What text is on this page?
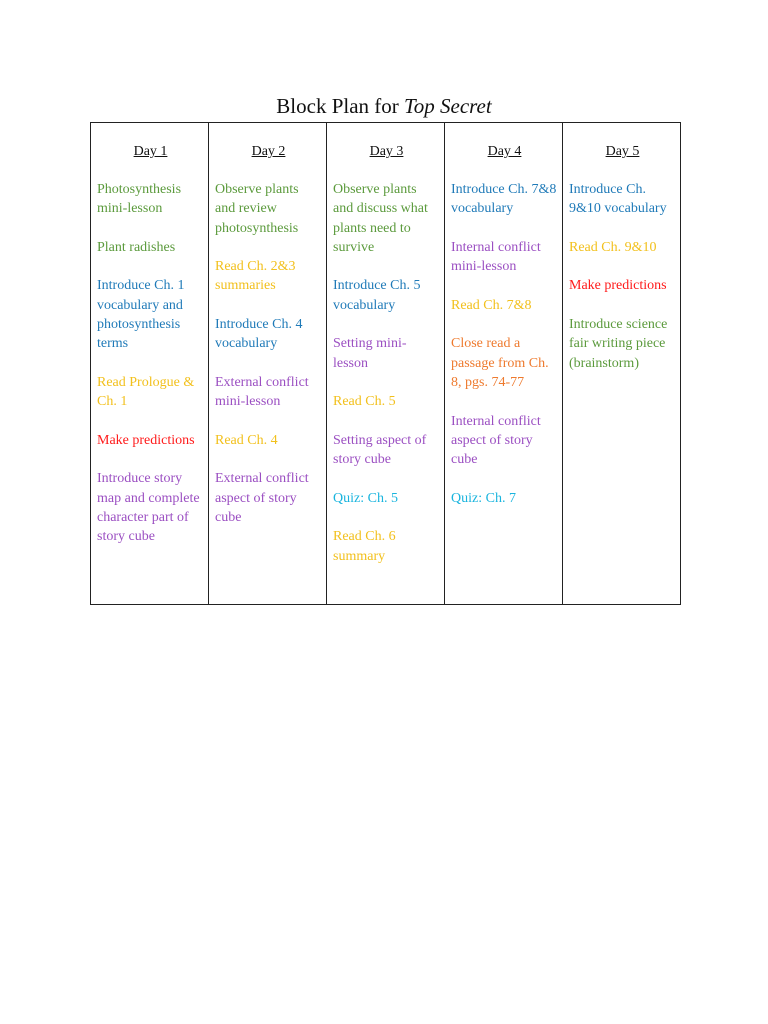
Block Plan for Top Secret
Day 1
Photosynthesis mini-lesson
Plant radishes
Introduce Ch. 1 vocabulary and photosynthesis terms
Read Prologue & Ch. 1
Make predictions
Introduce story map and complete character part of story cube

Day 2
Observe plants and review photosynthesis
Read Ch. 2&3 summaries
Introduce Ch. 4 vocabulary
External conflict mini-lesson
Read Ch. 4
External conflict aspect of story cube

Day 3
Observe plants and discuss what plants need to survive
Introduce Ch. 5 vocabulary
Setting mini-lesson
Read Ch. 5
Setting aspect of story cube
Quiz: Ch. 5
Read Ch. 6 summary

Day 4
Introduce Ch. 7&8 vocabulary
Internal conflict mini-lesson
Read Ch. 7&8
Close read a passage from Ch. 8, pgs. 74-77
Internal conflict aspect of story cube
Quiz: Ch. 7

Day 5
Introduce Ch. 9&10 vocabulary
Read Ch. 9&10
Make predictions
Introduce science fair writing piece (brainstorm)
